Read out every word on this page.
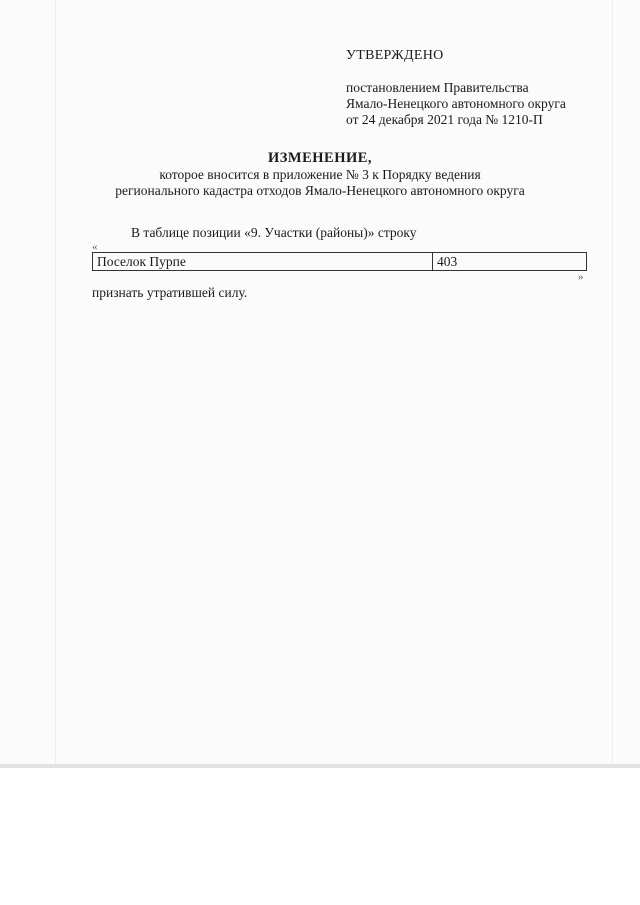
УТВЕРЖДЕНО
постановлением Правительства
Ямало-Ненецкого автономного округа
от 24 декабря 2021 года № 1210-П
ИЗМЕНЕНИЕ,
которое вносится в приложение № 3 к Порядку ведения
регионального кадастра отходов Ямало-Ненецкого автономного округа
В таблице позиции «9. Участки (районы)» строку
«
Поселок Пурпе	403
»
признать утратившей силу.
